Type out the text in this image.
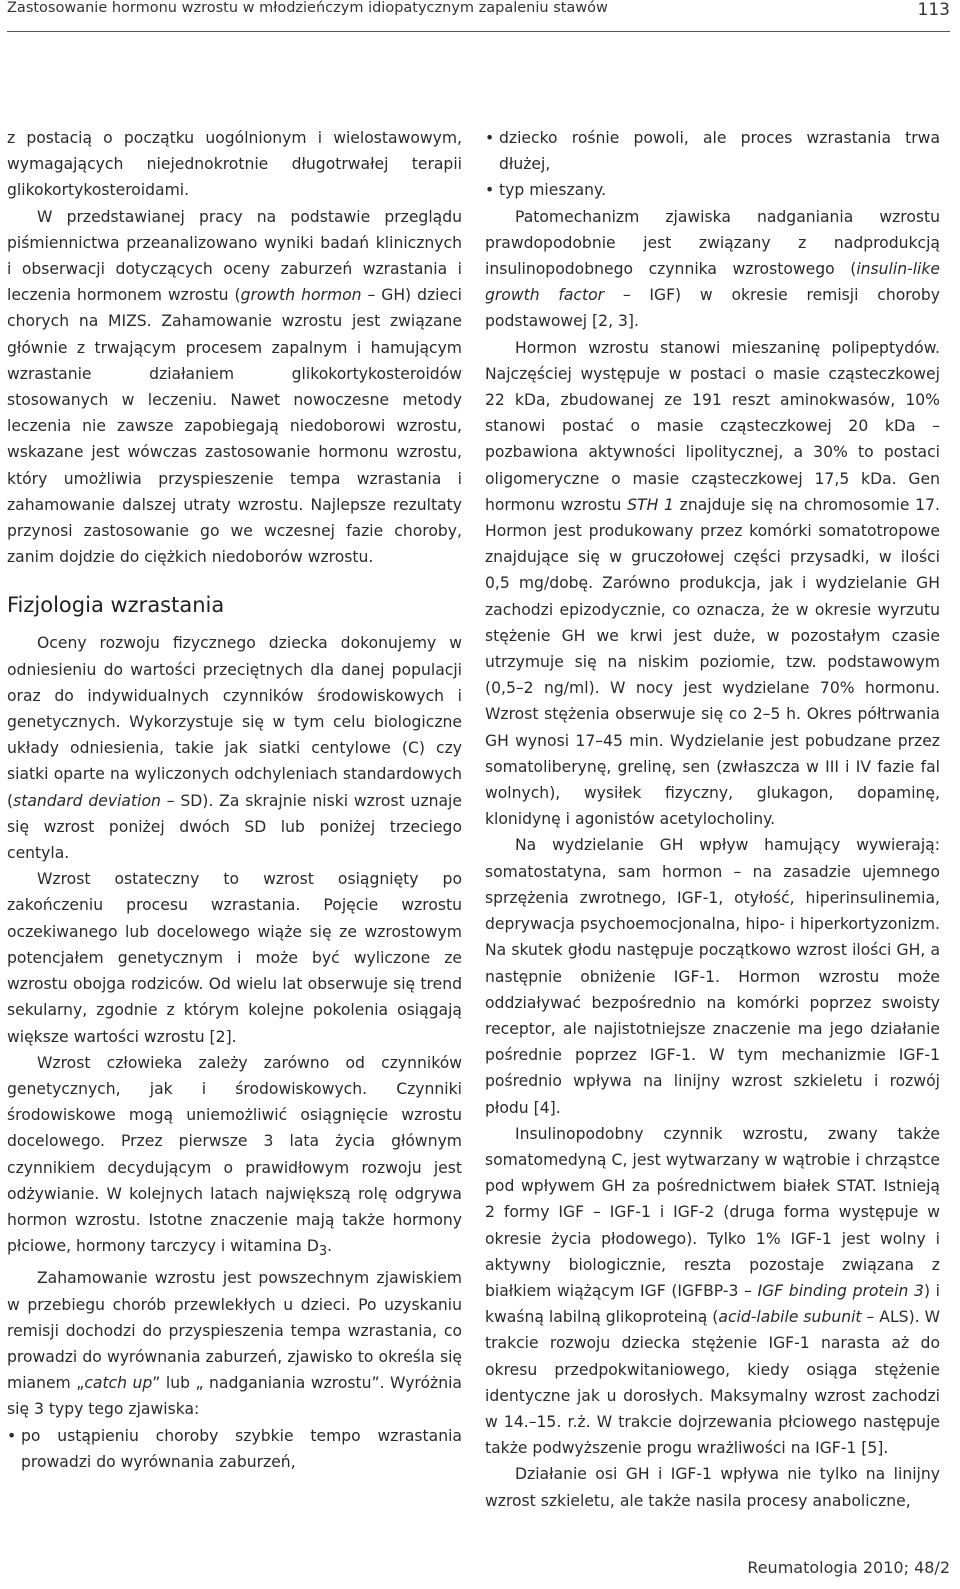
Zastosowanie hormonu wzrostu w młodzieńczym idiopatycznym zapaleniu stawów	113

z postacią o początku uogólnionym i wielostawowym, wymagających niejednokrotnie długotrwałej terapii glikokortykosteroidami.

W przedstawianej pracy na podstawie przeglądu piśmiennictwa przeanalizowano wyniki badań klinicznych i obserwacji dotyczących oceny zaburzeń wzrastania i leczenia hormonem wzrostu (growth hormon – GH) dzieci chorych na MIZS. Zahamowanie wzrostu jest związane głównie z trwającym procesem zapalnym i hamującym wzrastanie działaniem glikokortykosteroidów stosowanych w leczeniu. Nawet nowoczesne metody leczenia nie zawsze zapobiegają niedoborowi wzrostu, wskazane jest wówczas zastosowanie hormonu wzrostu, który umożliwia przyspieszenie tempa wzrastania i zahamowanie dalszej utraty wzrostu. Najlepsze rezultaty przynosi zastosowanie go we wczesnej fazie choroby, zanim dojdzie do ciężkich niedoborów wzrostu.

Fizjologia wzrastania

Oceny rozwoju fizycznego dziecka dokonujemy w odniesieniu do wartości przeciętnych dla danej populacji oraz do indywidualnych czynników środowiskowych i genetycznych. Wykorzystuje się w tym celu biologiczne układy odniesienia, takie jak siatki centylowe (C) czy siatki oparte na wyliczonych odchyleniach standardowych (standard deviation – SD). Za skrajnie niski wzrost uznaje się wzrost poniżej dwóch SD lub poniżej trzeciego centyla.

Wzrost ostateczny to wzrost osiągnięty po zakończeniu procesu wzrastania. Pojęcie wzrostu oczekiwanego lub docelowego wiąże się ze wzrostowym potencjałem genetycznym i może być wyliczone ze wzrostu obojga rodziców. Od wielu lat obserwuje się trend sekularny, zgodnie z którym kolejne pokolenia osiągają większe wartości wzrostu [2].

Wzrost człowieka zależy zarówno od czynników genetycznych, jak i środowiskowych. Czynniki środowiskowe mogą uniemożliwić osiągnięcie wzrostu docelowego. Przez pierwsze 3 lata życia głównym czynnikiem decydującym o prawidłowym rozwoju jest odżywianie. W kolejnych latach największą rolę odgrywa hormon wzrostu. Istotne znaczenie mają także hormony płciowe, hormony tarczycy i witamina $D_3$.

Zahamowanie wzrostu jest powszechnym zjawiskiem w przebiegu chorób przewlekłych u dzieci. Po uzyskaniu remisji dochodzi do przyspieszenia tempa wzrastania, co prowadzi do wyrównania zaburzeń, zjawisko to określa się mianem „catch up” lub „ nadganiania wzrostu”. Wyróżnia się 3 typy tego zjawiska:

• po ustąpieniu choroby szybkie tempo wzrastania prowadzi do wyrównania zaburzeń,
• dziecko rośnie powoli, ale proces wzrastania trwa dłużej,
• typ mieszany.

Patomechanizm zjawiska nadganiania wzrostu prawdopodobnie jest związany z nadprodukcją insulinopodobnego czynnika wzrostowego (insulin-like growth factor – IGF) w okresie remisji choroby podstawowej [2, 3].

Hormon wzrostu stanowi mieszaninę polipeptydów. Najczęściej występuje w postaci o masie cząsteczkowej 22 kDa, zbudowanej ze 191 reszt aminokwasów, 10% stanowi postać o masie cząsteczkowej 20 kDa – pozbawiona aktywności lipolitycznej, a 30% to postaci oligomeryczne o masie cząsteczkowej 17,5 kDa. Gen hormonu wzrostu STH 1 znajduje się na chromosomie 17. Hormon jest produkowany przez komórki somatotropowe znajdujące się w gruczołowej części przysadki, w ilości 0,5 mg/dobę. Zarówno produkcja, jak i wydzielanie GH zachodzi epizodycznie, co oznacza, że w okresie wyrzutu stężenie GH we krwi jest duże, w pozostałym czasie utrzymuje się na niskim poziomie, tzw. podstawowym (0,5–2 ng/ml). W nocy jest wydzielane 70% hormonu. Wzrost stężenia obserwuje się co 2–5 h. Okres półtrwania GH wynosi 17–45 min. Wydzielanie jest pobudzane przez somatoliberynę, grelinę, sen (zwłaszcza w III i IV fazie fal wolnych), wysiłek fizyczny, glukagon, dopaminę, klonidynę i agonistów acetylocholiny.

Na wydzielanie GH wpływ hamujący wywierają: somatostatyna, sam hormon – na zasadzie ujemnego sprzężenia zwrotnego, IGF-1, otyłość, hiperinsulinemia, deprywacja psychoemocjonalna, hipo- i hiperkortyzonizm. Na skutek głodu następuje początkowo wzrost ilości GH, a następnie obniżenie IGF-1. Hormon wzrostu może oddziaływać bezpośrednio na komórki poprzez swoisty receptor, ale najistotniejsze znaczenie ma jego działanie pośrednie poprzez IGF-1. W tym mechanizmie IGF-1 pośrednio wpływa na linijny wzrost szkieletu i rozwój płodu [4].

Insulinopodobny czynnik wzrostu, zwany także somatomedyną C, jest wytwarzany w wątrobie i chrząstce pod wpływem GH za pośrednictwem białek STAT. Istnieją 2 formy IGF – IGF-1 i IGF-2 (druga forma występuje w okresie życia płodowego). Tylko 1% IGF-1 jest wolny i aktywny biologicznie, reszta pozostaje związana z białkiem wiążącym IGF (IGFBP-3 – IGF binding protein 3) i kwaśną labilną glikoproteiną (acid-labile subunit – ALS). W trakcie rozwoju dziecka stężenie IGF-1 narasta aż do okresu przedpokwitaniowego, kiedy osiąga stężenie identyczne jak u dorosłych. Maksymalny wzrost zachodzi w 14.–15. r.ż. W trakcie dojrzewania płciowego następuje także podwyższenie progu wrażliwości na IGF-1 [5].

Działanie osi GH i IGF-1 wpływa nie tylko na linijny wzrost szkieletu, ale także nasila procesy anaboliczne,

Reumatologia 2010; 48/2
